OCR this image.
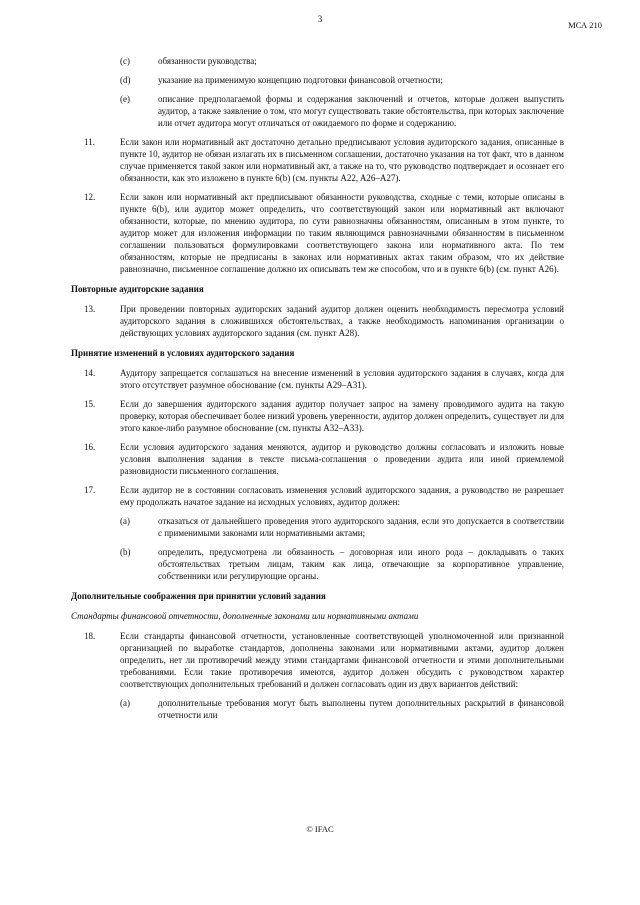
3
МСА 210
(c)	обязанности руководства;
(d)	указание на применимую концепцию подготовки финансовой отчетности;
(e)	описание предполагаемой формы и содержания заключений и отчетов, которые должен выпустить аудитор, а также заявление о том, что могут существовать такие обстоятельства, при которых заключение или отчет аудитора могут отличаться от ожидаемого по форме и содержанию.
11.	Если закон или нормативный акт достаточно детально предписывают условия аудиторского задания, описанные в пункте 10, аудитор не обязан излагать их в письменном соглашении, достаточно указания на тот факт, что в данном случае применяется такой закон или нормативный акт, а также на то, что руководство подтверждает и осознает его обязанности, как это изложено в пункте 6(b) (см. пункты A22, A26–A27).
12.	Если закон или нормативный акт предписывают обязанности руководства, сходные с теми, которые описаны в пункте 6(b), или аудитор может определить, что соответствующий закон или нормативный акт включают обязанности, которые, по мнению аудитора, по сути равнозначны обязанностям, описанным в этом пункте, то аудитор может для изложения информации по таким являющимся равнозначными обязанностям в письменном соглашении пользоваться формулировками соответствующего закона или нормативного акта. По тем обязанностям, которые не предписаны в законах или нормативных актах таким образом, что их действие равнозначно, письменное соглашение должно их описывать тем же способом, что и в пункте 6(b) (см. пункт A26).
Повторные аудиторские задания
13.	При проведении повторных аудиторских заданий аудитор должен оценить необходимость пересмотра условий аудиторского задания в сложившихся обстоятельствах, а также необходимость напоминания организации о действующих условиях аудиторского задания (см. пункт A28).
Принятие изменений в условиях аудиторского задания
14.	Аудитору запрещается соглашаться на внесение изменений в условия аудиторского задания в случаях, когда для этого отсутствует разумное обоснование (см. пункты A29–A31).
15.	Если до завершения аудиторского задания аудитор получает запрос на замену проводимого аудита на такую проверку, которая обеспечивает более низкий уровень уверенности, аудитор должен определить, существует ли для этого какое-либо разумное обоснование (см. пункты A32–A33).
16.	Если условия аудиторского задания меняются, аудитор и руководство должны согласовать и изложить новые условия выполнения задания в тексте письма-соглашения о проведении аудита или иной приемлемой разновидности письменного соглашения.
17.	Если аудитор не в состоянии согласовать изменения условий аудиторского задания, а руководство не разрешает ему продолжать начатое задание на исходных условиях, аудитор должен:
(a)	отказаться от дальнейшего проведения этого аудиторского задания, если это допускается в соответствии с применимыми законами или нормативными актами;
(b)	определить, предусмотрена ли обязанность – договорная или иного рода – докладывать о таких обстоятельствах третьим лицам, таким как лица, отвечающие за корпоративное управление, собственники или регулирующие органы.
Дополнительные соображения при принятии условий задания
Стандарты финансовой отчетности, дополненные законами или нормативными актами
18.	Если стандарты финансовой отчетности, установленные соответствующей уполномоченной или признанной организацией по выработке стандартов, дополнены законами или нормативными актами, аудитор должен определить, нет ли противоречий между этими стандартами финансовой отчетности и этими дополнительными требованиями. Если такие противоречия имеются, аудитор должен обсудить с руководством характер соответствующих дополнительных требований и должен согласовать один из двух вариантов действий:
(a)	дополнительные требования могут быть выполнены путем дополнительных раскрытий в финансовой отчетности или
© IFAC
